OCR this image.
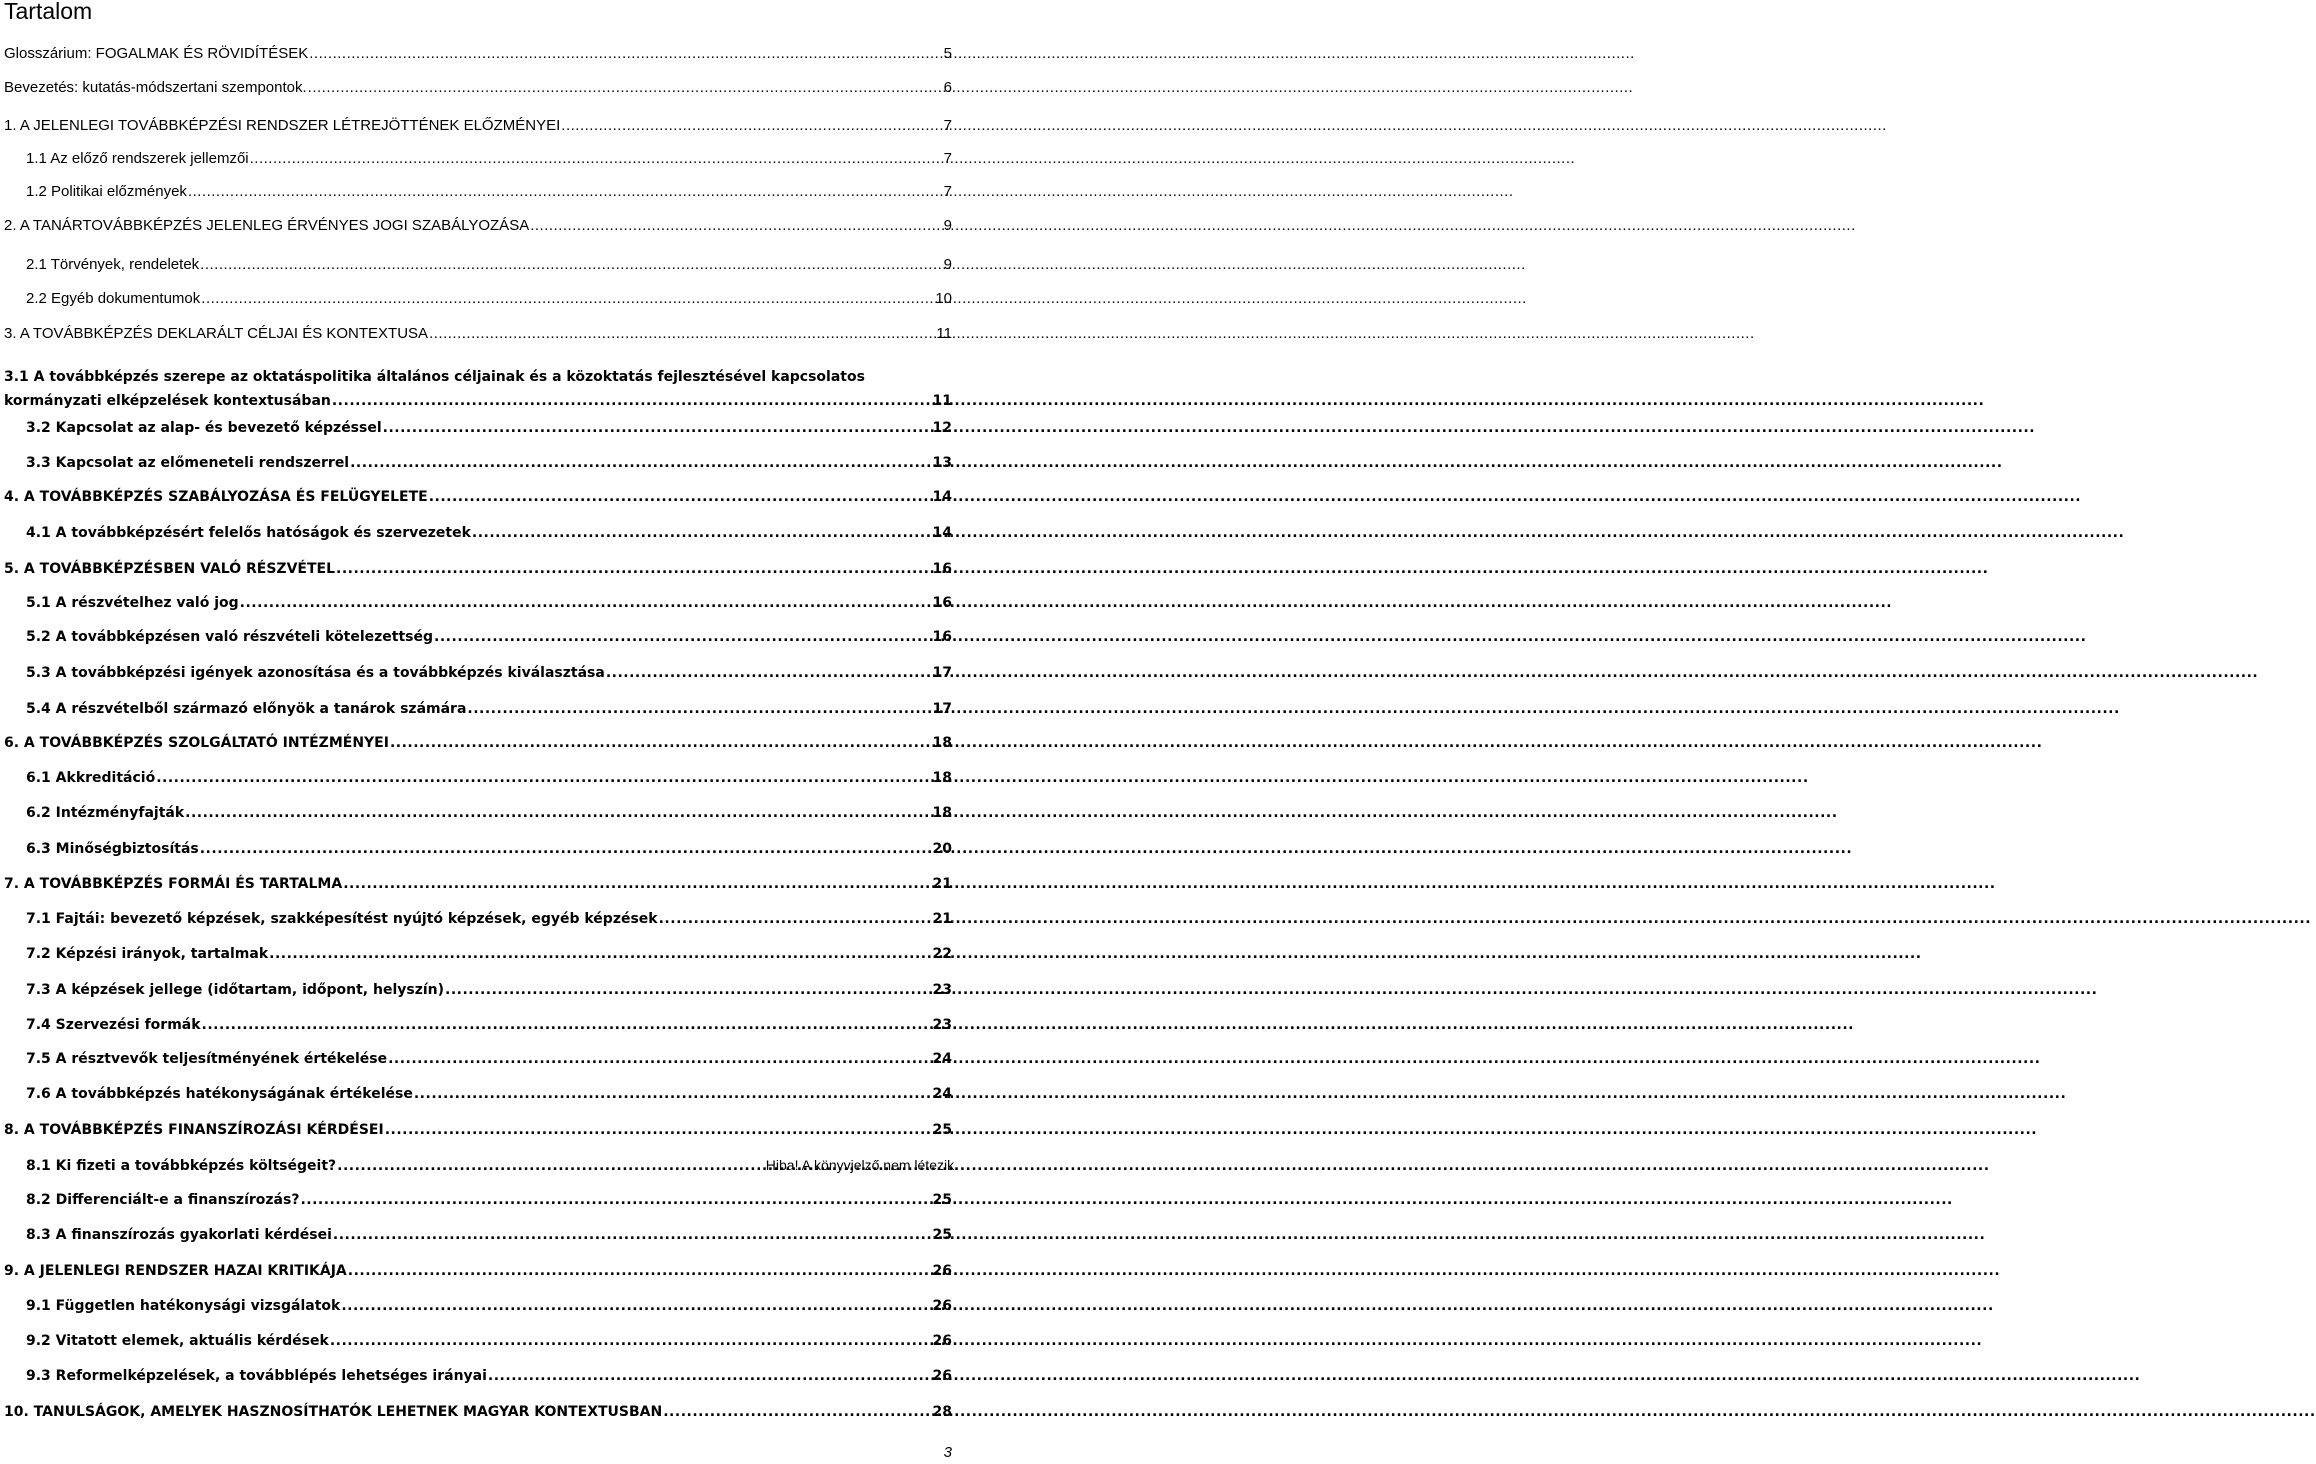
Tartalom
Glosszárium: FOGALMAK ÉS RÖVIDÍTÉSEK .....	5
Bevezetés: kutatás-módszertani szempontok. .....	6
1. A JELENLEGI TOVÁBBKÉPZÉSI RENDSZER LÉTREJÖTTÉNEK ELŐZMÉNYEI .....	7
1.1 Az előző rendszerek jellemzői .....	7
1.2 Politikai előzmények .....	7
2. A TANÁRTOVÁBBKÉPZÉS JELENLEG ÉRVÉNYES JOGI SZABÁLYOZÁSA .....	9
2.1 Törvények, rendeletek .....	9
2.2 Egyéb dokumentumok .....	10
3. A TOVÁBBKÉPZÉS DEKLARÁLT CÉLJAI ÉS KONTEXTUSA .....	11
3.1 A továbbképzés szerepe az oktatáspolitika általános céljainak és a közoktatás fejlesztésével kapcsolatos
kormányzati elképzelések kontextusában .....	11
3.2 Kapcsolat az alap- és bevezető képzéssel .....	12
3.3 Kapcsolat az előmeneteli rendszerrel .....	13
4. A TOVÁBBKÉPZÉS SZABÁLYOZÁSA ÉS FELÜGYELETE .....	14
4.1 A továbbképzésért felelős hatóságok és szervezetek .....	14
5. A TOVÁBBKÉPZÉSBEN VALÓ RÉSZVÉTEL .....	16
5.1 A részvételhez való jog .....	16
5.2 A továbbképzésen való részvételi kötelezettség .....	16
5.3 A továbbképzési igények azonosítása és a továbbképzés kiválasztása .....	17
5.4 A részvételből származó előnyök a tanárok számára .....	17
6. A TOVÁBBKÉPZÉS SZOLGÁLTATÓ INTÉZMÉNYEI .....	18
6.1 Akkreditáció .....	18
6.2 Intézményfajták .....	18
6.3 Minőségbiztosítás .....	20
7. A TOVÁBBKÉPZÉS FORMÁI ÉS TARTALMA .....	21
7.1 Fajtái: bevezető képzések, szakképesítést nyújtó képzések, egyéb képzések .....	21
7.2 Képzési irányok, tartalmak .....	22
7.3 A képzések jellege (időtartam, időpont, helyszín) .....	23
7.4 Szervezési formák .....	23
7.5 A résztvevők teljesítményének értékelése .....	24
7.6 A továbbképzés hatékonyságának értékelése .....	24
8. A TOVÁBBKÉPZÉS FINANSZÍROZÁSI KÉRDÉSEI .....	25
8.1 Ki fizeti a továbbképzés költségeit? .....	Hiba! A könyvjelző nem létezik.
8.2 Differenciált-e a finanszírozás? .....	25
8.3 A finanszírozás gyakorlati kérdései .....	25
9. A JELENLEGI RENDSZER HAZAI KRITIKÁJA .....	26
9.1 Független hatékonysági vizsgálatok .....	26
9.2 Vitatott elemek, aktuális kérdések .....	26
9.3 Reformelképzelések, a továbblépés lehetséges irányai .....	26
10. TANULSÁGOK, AMELYEK HASZNOSÍTHATÓK LEHETNEK MAGYAR KONTEXTUSBAN .....	28
3
